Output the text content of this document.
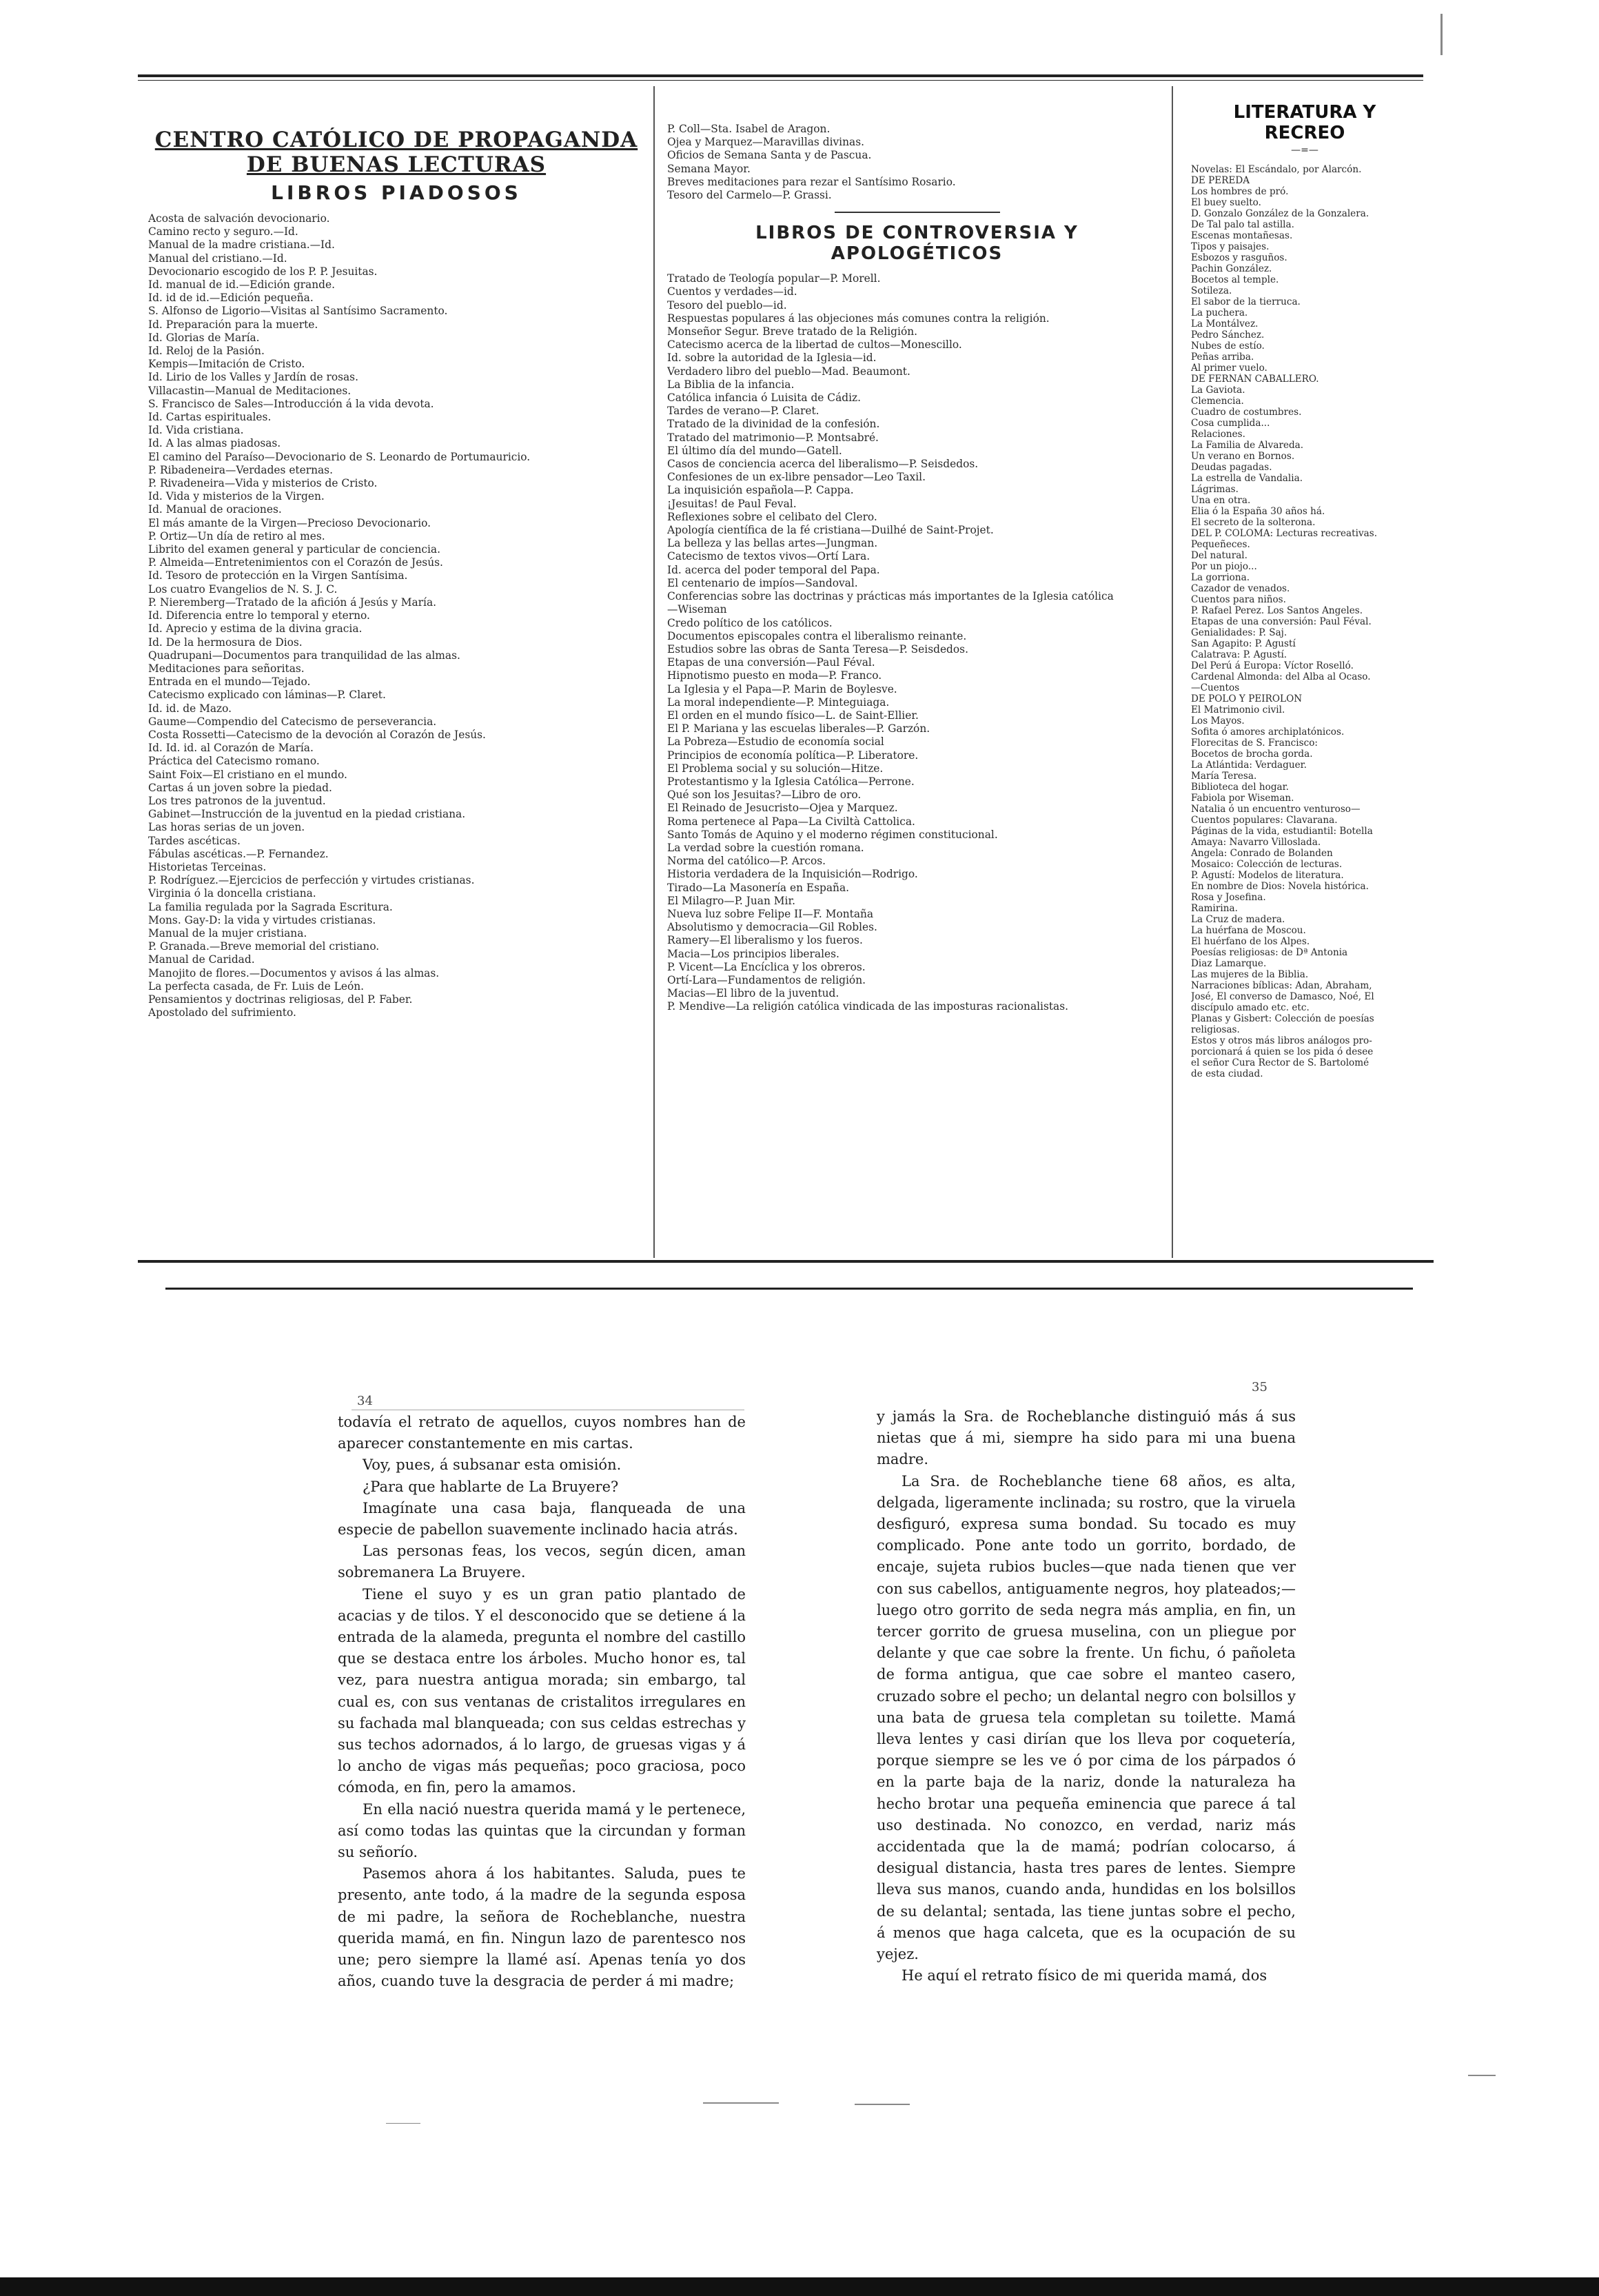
CENTRO CATÓLICO DE PROPAGANDA DE BUENAS LECTURAS
LIBROS PIADOSOS
Acosta de salvación devocionario.
Camino recto y seguro.—Id.
Manual de la madre cristiana.—Id.
Manual del cristiano.—Id.
Devocionario escogido de los P. P. Jesuitas.
Id. manual de id.—Edición grande.
Id. id de id.—Edición pequeña.
S. Alfonso de Ligorio—Visitas al Santísimo Sacramento.
Id. Preparación para la muerte.
Id. Glorias de María.
Id. Reloj de la Pasión.
Kempis—Imitación de Cristo.
Id. Lirio de los Valles y Jardín de rosas.
Villacastin—Manual de Meditaciones.
S. Francisco de Sales—Introducción á la vida devota.
Id. Cartas espirituales.
Id. Vida cristiana.
Id. A las almas piadosas.
El camino del Paraíso—Devocionario de S. Leonardo de Portumauricio.
P. Ribadeneira—Verdades eternas.
P. Rivadeneira—Vida y misterios de Cristo.
Id. Vida y misterios de la Virgen.
Id. Manual de oraciones.
El más amante de la Virgen—Precioso Devocionario.
P. Ortiz—Un día de retiro al mes.
Librito del examen general y particular de conciencia.
P. Almeida—Entretenimientos con el Corazón de Jesús.
Id. Tesoro de protección en la Virgen Santísima.
Los cuatro Evangelios de N. S. J. C.
P. Nieremberg—Tratado de la afición á Jesús y María.
Id. Diferencia entre lo temporal y eterno.
Id. Aprecio y estima de la divina gracia.
Id. De la hermosura de Dios.
Quadrupani—Documentos para tranquilidad de las almas.
Meditaciones para señoritas.
Entrada en el mundo—Tejado.
Catecismo explicado con láminas—P. Claret.
Id. id. de Mazo.
Gaume—Compendio del Catecismo de perseverancia.
Costa Rossetti—Catecismo de la devoción al Corazón de Jesús.
Id. Id. id. al Corazón de María.
Práctica del Catecismo romano.
Saint Foix—El cristiano en el mundo.
Cartas á un joven sobre la piedad.
Los tres patronos de la juventud.
Gabinet—Instrucción de la juventud en la piedad cristiana.
Las horas serias de un joven.
Tardes ascéticas.
Fábulas ascéticas.—P. Fernandez.
Historietas Terceinas.
P. Rodríguez.—Ejercicios de perfección y virtudes cristianas.
Virginia ó la doncella cristiana.
La familia regulada por la Sagrada Escritura.
Mons. Gay-D: la vida y virtudes cristianas.
Manual de la mujer cristiana.
P. Granada.—Breve memorial del cristiano.
Manual de Caridad.
Manojito de flores.—Documentos y avisos á las almas.
La perfecta casada, de Fr. Luis de León.
Pensamientos y doctrinas religiosas, del P. Faber.
Apostolado del sufrimiento.
P. Coll—Sta. Isabel de Aragon.
Ojea y Marquez—Maravillas divinas.
Oficios de Semana Santa y de Pascua.
Semana Mayor.
Breves meditaciones para rezar el Santísimo Rosario.
Tesoro del Carmelo—P. Grassi.
LIBROS DE CONTROVERSIA Y APOLOGÉTICOS
Tratado de Teología popular—P. Morell.
Cuentos y verdades—id.
Tesoro del pueblo—id.
Respuestas populares á las objeciones más comunes contra la religión.
Monseñor Segur. Breve tratado de la Religión.
Catecismo acerca de la libertad de cultos—Monescillo.
Id. sobre la autoridad de la Iglesia—id.
Verdadero libro del pueblo—Mad. Beaumont.
La Biblia de la infancia.
Católica infancia ó Luisita de Cádiz.
Tardes de verano—P. Claret.
Tratado de la divinidad de la confesión.
Tratado del matrimonio—P. Montsabré.
El último día del mundo—Gatell.
Casos de conciencia acerca del liberalismo—P. Seisdedos.
Confesiones de un ex-libre pensador—Leo Taxil.
La inquisición española—P. Cappa.
¡Jesuitas! de Paul Feval.
Reflexiones sobre el celibato del Clero.
Apología científica de la fé cristiana—Duilhé de Saint-Projet.
La belleza y las bellas artes—Jungman.
Catecismo de textos vivos—Ortí Lara.
Id. acerca del poder temporal del Papa.
El centenario de impíos—Sandoval.
Conferencias sobre las doctrinas y prácticas más importantes de la Iglesia católica
—Wiseman
Credo político de los católicos.
Documentos episcopales contra el liberalismo reinante.
Estudios sobre las obras de Santa Teresa—P. Seisdedos.
Etapas de una conversión—Paul Féval.
Hipnotismo puesto en moda—P. Franco.
La Iglesia y el Papa—P. Marin de Boylesve.
La moral independiente—P. Minteguiaga.
El orden en el mundo físico—L. de Saint-Ellier.
El P. Mariana y las escuelas liberales—P. Garzón.
La Pobreza—Estudio de economía social
Principios de economía política—P. Liberatore.
El Problema social y su solución—Hitze.
Protestantismo y la Iglesia Católica—Perrone.
Qué son los Jesuitas?—Libro de oro.
El Reinado de Jesucristo—Ojea y Marquez.
Roma pertenece al Papa—La Civiltà Cattolica.
Santo Tomás de Aquino y el moderno régimen constitucional.
La verdad sobre la cuestión romana.
Norma del católico—P. Arcos.
Historia verdadera de la Inquisición—Rodrigo.
Tirado—La Masonería en España.
El Milagro—P. Juan Mir.
Nueva luz sobre Felipe II—F. Montaña
Absolutismo y democracia—Gil Robles.
Ramery—El liberalismo y los fueros.
Macia—Los principios liberales.
P. Vicent—La Encíclica y los obreros.
Ortí-Lara—Fundamentos de religión.
Macias—El libro de la juventud.
P. Mendive—La religión católica vindicada de las imposturas racionalistas.
LITERATURA Y RECREO
—=—
Novelas: El Escándalo, por Alarcón.
DE PEREDA
Los hombres de pró.
El buey suelto.
D. Gonzalo González de la Gonzalera.
De Tal palo tal astilla.
Escenas montañesas.
Tipos y paisajes.
Esbozos y rasguños.
Pachin González.
Bocetos al temple.
Sotileza.
El sabor de la tierruca.
La puchera.
La Montálvez.
Pedro Sánchez.
Nubes de estío.
Peñas arriba.
Al primer vuelo.
DE FERNÁN CABALLERO.
La Gaviota.
Clemencia.
Cuadro de costumbres.
Cosa cumplida...
Relaciones.
La Familia de Alvareda.
Un verano en Bornos.
Deudas pagadas.
La estrella de Vandalia.
Lágrimas.
Una en otra.
Elia ó la España 30 años há.
El secreto de la solterona.
DEL P. COLOMA: Lecturas recreativas.
Pequeñeces.
Del natural.
Por un piojo...
La gorriona.
Cazador de venados.
Cuentos para niños.
P. Rafael Perez. Los Santos Angeles.
Etapas de una conversión: Paul Féval.
Genialidades: P. Saj.
San Agapito: P. Agustí
Calatrava: P. Agustí.
Del Perú á Europa: Víctor Roselló.
Cardenal Almonda: del Alba al Ocaso.
—Cuentos
DE POLO Y PEIROLON
El Matrimonio civil.
Los Mayos.
Sofita ó amores archiplatónicos.
Florecitas de S. Francisco:
Bocetos de brocha gorda.
La Atlántida: Verdaguer.
María Teresa.
Biblioteca del hogar.
Fabiola por Wiseman.
Natalia ó un encuentro venturoso—
Cuentos populares: Clavarana.
Páginas de la vida, estudiantil: Botella
Amaya: Navarro Villoslada.
Angela: Conrado de Bolanden
Mosaico: Colección de lecturas.
P. Agustí: Modelos de literatura.
En nombre de Dios: Novela histórica.
Rosa y Josefina.
Ramirina.
La Cruz de madera.
La huérfana de Moscou.
El huérfano de los Alpes.
Poesías religiosas: de Dª Antonia
Diaz Lamarque.
Las mujeres de la Biblia.
Narraciones bíblicas: Adan, Abraham,
José, El converso de Damasco, Noé, El
discípulo amado etc. etc.
Planas y Gisbert: Colección de poesías
religiosas.
Estos y otros más libros análogos pro-
porcionará á quien se los pida ó desee
el señor Cura Rector de S. Bartolomé
de esta ciudad.
34
35

todavía el retrato de aquellos, cuyos nombres han de aparecer constantemente en mis cartas.

Voy, pues, á subsanar esta omisión.

¿Para que hablarte de La Bruyere?

Imagínate una casa baja, flanqueada de una especie de pabellon suavemente inclinado hacia atrás.

Las personas feas, los vecos, según dicen, aman sobremanera La Bruyere.

Tiene el suyo y es un gran patio plantado de acacias y de tilos. Y el desconocido que se detiene á la entrada de la alameda, pregunta el nombre del castillo que se destaca entre los árboles. Mucho honor es, tal vez, para nuestra antigua morada; sin embargo, tal cual es, con sus ventanas de cristalitos irregulares en su fachada mal blanqueada; con sus celdas estrechas y sus techos adornados, á lo largo, de gruesas vigas y á lo ancho de vigas más pequeñas; poco graciosa, poco cómoda, en fin, pero la amamos.

En ella nació nuestra querida mamá y le pertenece, así como todas las quintas que la circundan y forman su señorío.

Pasemos ahora á los habitantes. Saluda, pues te presento, ante todo, á la madre de la segunda esposa de mi padre, la señora de Rocheblanche, nuestra querida mamá, en fin. Ningun lazo de parentesco nos une; pero siempre la llamé así. Apenas tenía yo dos años, cuando tuve la desgracia de perder á mi madre;

y jamás la Sra. de Rocheblanche distinguió más á sus nietas que á mi, siempre ha sido para mi una buena madre.

La Sra. de Rocheblanche tiene 68 años, es alta, delgada, ligeramente inclinada; su rostro, que la viruela desfiguró, expresa suma bondad. Su tocado es muy complicado. Pone ante todo un gorrito, bordado, de encaje, sujeta rubios bucles—que nada tienen que ver con sus cabellos, antiguamente negros, hoy plateados;—luego otro gorrito de seda negra más amplia, en fin, un tercer gorrito de gruesa muselina, con un pliegue por delante y que cae sobre la frente. Un fichu, ó pañoleta de forma antigua, que cae sobre el manteo casero, cruzado sobre el pecho; un delantal negro con bolsillos y una bata de gruesa tela completan su toilette. Mamá lleva lentes y casi dirían que los lleva por coquetería, porque siempre se les ve ó por cima de los párpados ó en la parte baja de la nariz, donde la naturaleza ha hecho brotar una pequeña eminencia que parece á tal uso destinada. No conozco, en verdad, nariz más accidentada que la de mamá; podrían colocarso, á desigual distancia, hasta tres pares de lentes. Siempre lleva sus manos, cuando anda, hundidas en los bolsillos de su delantal; sentada, las tiene juntas sobre el pecho, á menos que haga calceta, que es la ocupación de su yejez.

He aquí el retrato físico de mi querida mamá, dos
